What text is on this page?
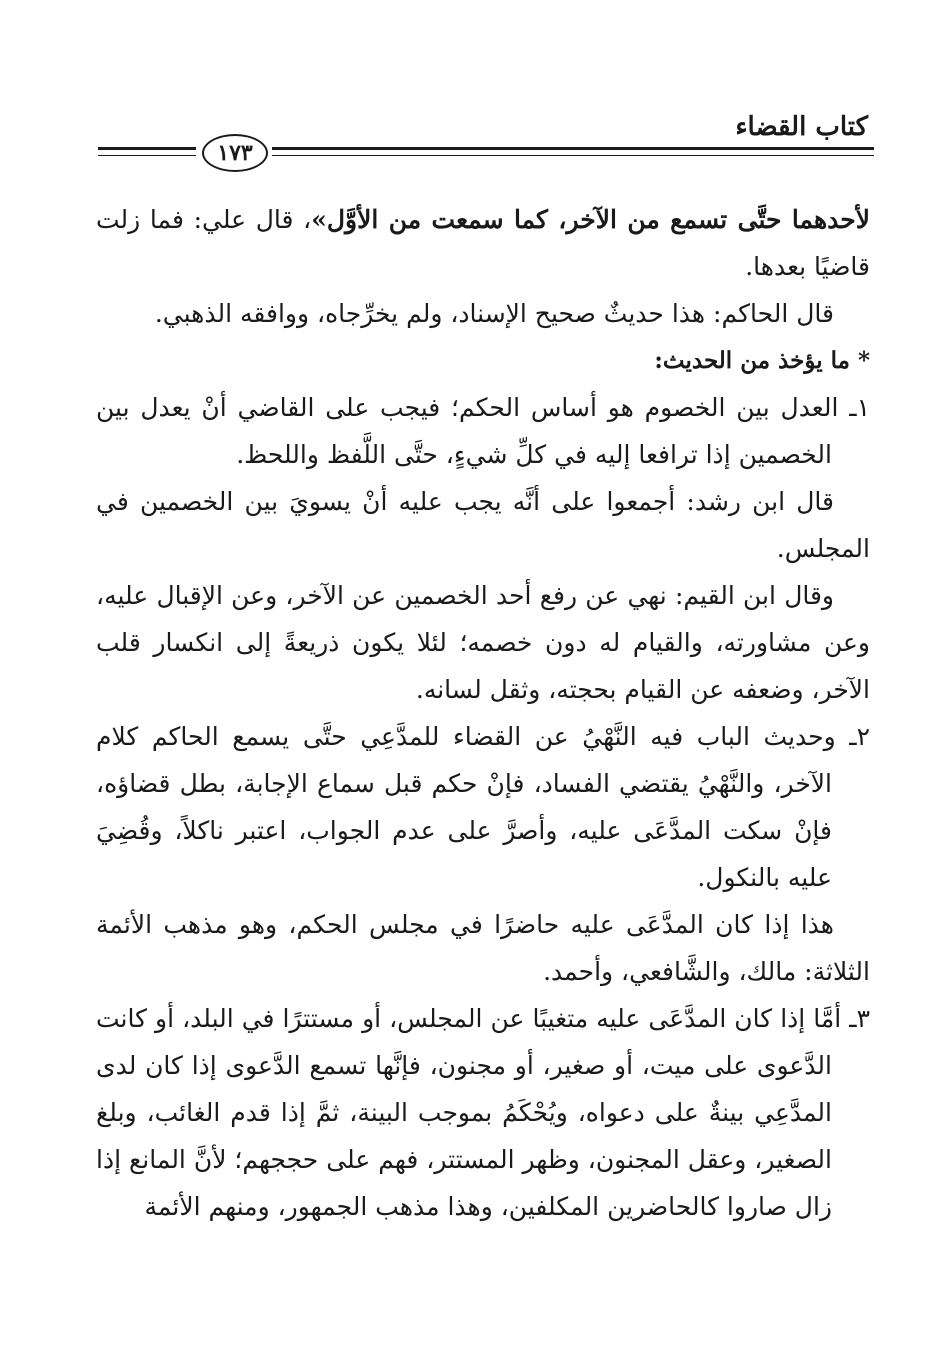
كتاب القضاء
١٧٣

لأحدهما حتَّى تسمع من الآخر، كما سمعت من الأوَّل»، قال علي: فما زلت قاضيًا بعدها.

قال الحاكم: هذا حديثٌ صحيح الإسناد، ولم يخرِّجاه، ووافقه الذهبي.

* ما يؤخذ من الحديث:

١ـ العدل بين الخصوم هو أساس الحكم؛ فيجب على القاضي أنْ يعدل بين الخصمين إذا ترافعا إليه في كلِّ شيءٍ، حتَّى اللَّفظ واللحظ.

قال ابن رشد: أجمعوا على أنَّه يجب عليه أنْ يسويَ بين الخصمين في المجلس.

وقال ابن القيم: نهي عن رفع أحد الخصمين عن الآخر، وعن الإقبال عليه، وعن مشاورته، والقيام له دون خصمه؛ لئلا يكون ذريعةً إلى انكسار قلب الآخر، وضعفه عن القيام بحجته، وثقل لسانه.

٢ـ وحديث الباب فيه النَّهْيُ عن القضاء للمدَّعِي حتَّى يسمع الحاكم كلام الآخر، والنَّهْيُ يقتضي الفساد، فإنْ حكم قبل سماع الإجابة، بطل قضاؤه، فإنْ سكت المدَّعَى عليه، وأصرَّ على عدم الجواب، اعتبر ناكلاً، وقُضِيَ عليه بالنكول.

هذا إذا كان المدَّعَى عليه حاضرًا في مجلس الحكم، وهو مذهب الأئمة الثلاثة: مالك، والشَّافعي، وأحمد.

٣ـ أمَّا إذا كان المدَّعَى عليه متغيبًا عن المجلس، أو مستترًا في البلد، أو كانت الدَّعوى على ميت، أو صغير، أو مجنون، فإنَّها تسمع الدَّعوى إذا كان لدى المدَّعِي بينةٌ على دعواه، ويُحْكَمُ بموجب البينة، ثمَّ إذا قدم الغائب، وبلغ الصغير، وعقل المجنون، وظهر المستتر، فهم على حججهم؛ لأنَّ المانع إذا زال صاروا كالحاضرين المكلفين، وهذا مذهب الجمهور، ومنهم الأئمة
